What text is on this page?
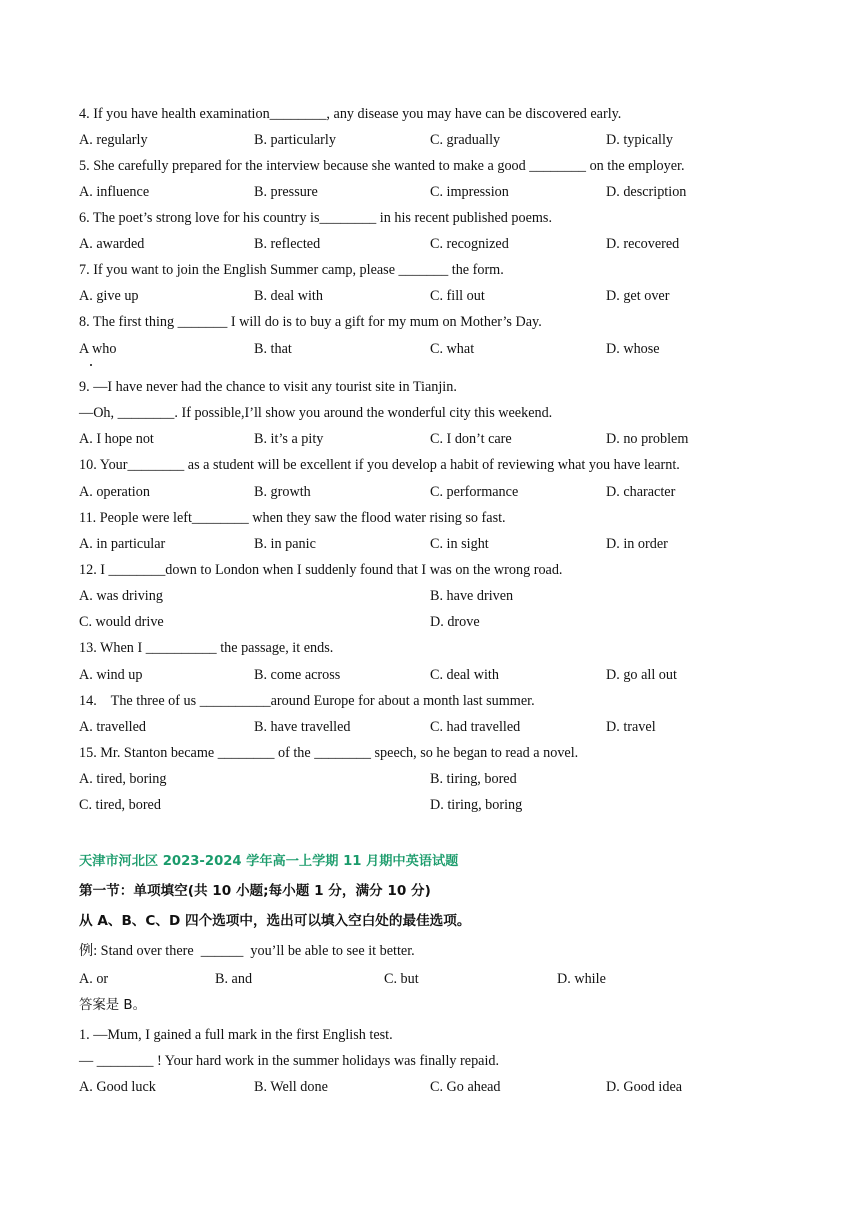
4. If you have health examination________, any disease you may have can be discovered early.
A. regularly	B. particularly	C. gradually	D. typically
5. She carefully prepared for the interview because she wanted to make a good ________ on the employer.
A. influence	B. pressure	C. impression	D. description
6. The poet’s strong love for his country is________ in his recent published poems.
A. awarded	B. reflected	C. recognized	D. recovered
7. If you want to join the English Summer camp, please _______ the form.
A. give up	B. deal with	C. fill out	D. get over
8. The first thing _______ I will do is to buy a gift for my mum on Mother’s Day.
A who	B. that	C. what	D. whose
9. —I have never had the chance to visit any tourist site in Tianjin.
—Oh, ________. If possible,I’ll show you around the wonderful city this weekend.
A. I hope not	B. it’s a pity	C. I don’t care	D. no problem
10. Your________ as a student will be excellent if you develop a habit of reviewing what you have learnt.
A. operation	B. growth	C. performance	D. character
11. People were left________ when they saw the flood water rising so fast.
A. in particular	B. in panic	C. in sight	D. in order
12. I ________down to London when I suddenly found that I was on the wrong road.
A. was driving	B. have driven
C. would drive	D. drove
13. When I __________ the passage, it ends.
A. wind up	B. come across	C. deal with	D. go all out
14.    The three of us __________around Europe for about a month last summer.
A. travelled	B. have travelled	C. had travelled	D. travel
15. Mr. Stanton became ________ of the ________ speech, so he began to read a novel.
A. tired, boring	B. tiring, bored
C. tired, bored	D. tiring, boring
天津市河北区 2023-2024 学年高一上学期 11 月期中英语试题
第一节：单项填空(共 10 小题;每小题 1 分，满分 10 分)
从 A、B、C、D 四个选项中，选出可以填入空白处的最佳选项。
例: Stand over there  ______  you’ll be able to see it better.
A. or	B. and	C. but	D. while
答案是 B。
1. —Mum, I gained a full mark in the first English test.
— ________ ! Your hard work in the summer holidays was finally repaid.
A. Good luck	B. Well done	C. Go ahead	D. Good idea
